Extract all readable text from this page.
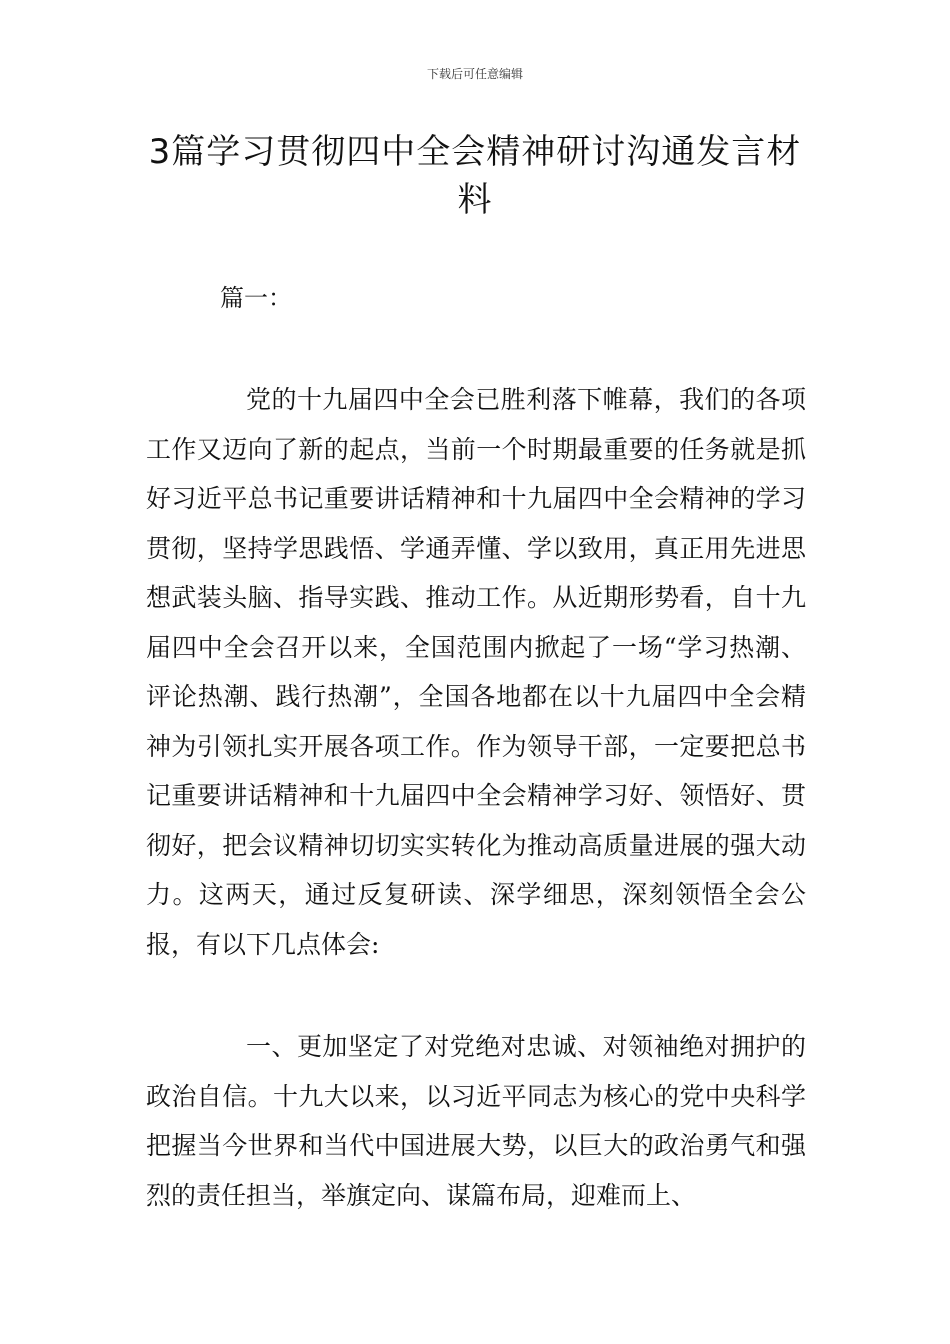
下载后可任意编辑
3篇学习贯彻四中全会精神研讨沟通发言材料
篇一：

党的十九届四中全会已胜利落下帷幕，我们的各项工作又迈向了新的起点，当前一个时期最重要的任务就是抓好习近平总书记重要讲话精神和十九届四中全会精神的学习贯彻，坚持学思践悟、学通弄懂、学以致用，真正用先进思想武装头脑、指导实践、推动工作。从近期形势看，自十九届四中全会召开以来，全国范围内掀起了一场“学习热潮、评论热潮、践行热潮”，全国各地都在以十九届四中全会精神为引领扎实开展各项工作。作为领导干部，一定要把总书记重要讲话精神和十九届四中全会精神学习好、领悟好、贯彻好，把会议精神切切实实转化为推动高质量进展的强大动力。这两天，通过反复研读、深学细思，深刻领悟全会公报，有以下几点体会:

一、更加坚定了对党绝对忠诚、对领袖绝对拥护的政治自信。十九大以来，以习近平同志为核心的党中央科学把握当今世界和当代中国进展大势，以巨大的政治勇气和强烈的责任担当，举旗定向、谋篇布局，迎难而上、
